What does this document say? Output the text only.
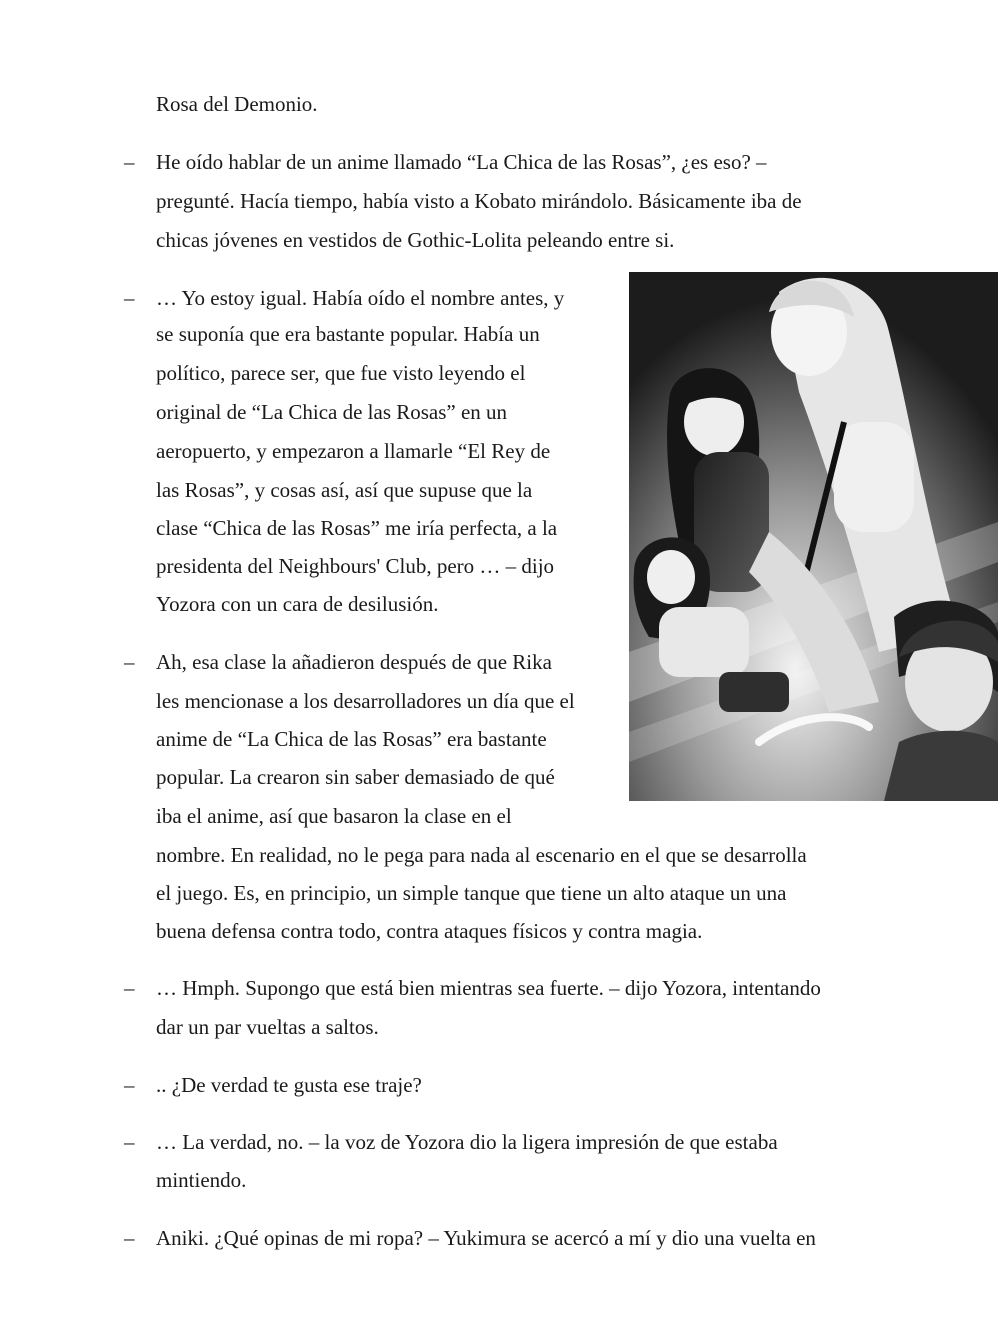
Rosa del Demonio.
He oído hablar de un anime llamado “La Chica de las Rosas”, ¿es eso? –
–
pregunté. Hacía tiempo, había visto a Kobato mirándolo. Básicamente iba de
chicas jóvenes en vestidos de Gothic-Lolita peleando entre si.
… Yo estoy igual. Había oído el nombre antes, y
–
se suponía que era bastante popular. Había un
político, parece ser, que fue visto leyendo el
original de “La Chica de las Rosas” en un
aeropuerto, y empezaron a llamarle “El Rey de
las Rosas”, y cosas así, así que supuse que la
clase “Chica de las Rosas” me iría perfecta, a la
presidenta del Neighbours' Club, pero … – dijo
Yozora con un cara de desilusión.
Ah, esa clase la añadieron después de que Rika
–
les mencionase a los desarrolladores un día que el
anime de “La Chica de las Rosas” era bastante
popular. La crearon sin saber demasiado de qué
iba el anime, así que basaron la clase en el
nombre. En realidad, no le pega para nada al escenario en el que se desarrolla
el juego. Es, en principio, un simple tanque que tiene un alto ataque un una
buena defensa contra todo, contra ataques físicos y contra magia.
… Hmph. Supongo que está bien mientras sea fuerte. – dijo Yozora, intentando
–
dar un par vueltas a saltos.
.. ¿De verdad te gusta ese traje?
–
… La verdad, no. – la voz de Yozora dio la ligera impresión de que estaba
–
mintiendo.
Aniki. ¿Qué opinas de mi ropa? – Yukimura se acercó a mí y dio una vuelta en
–
